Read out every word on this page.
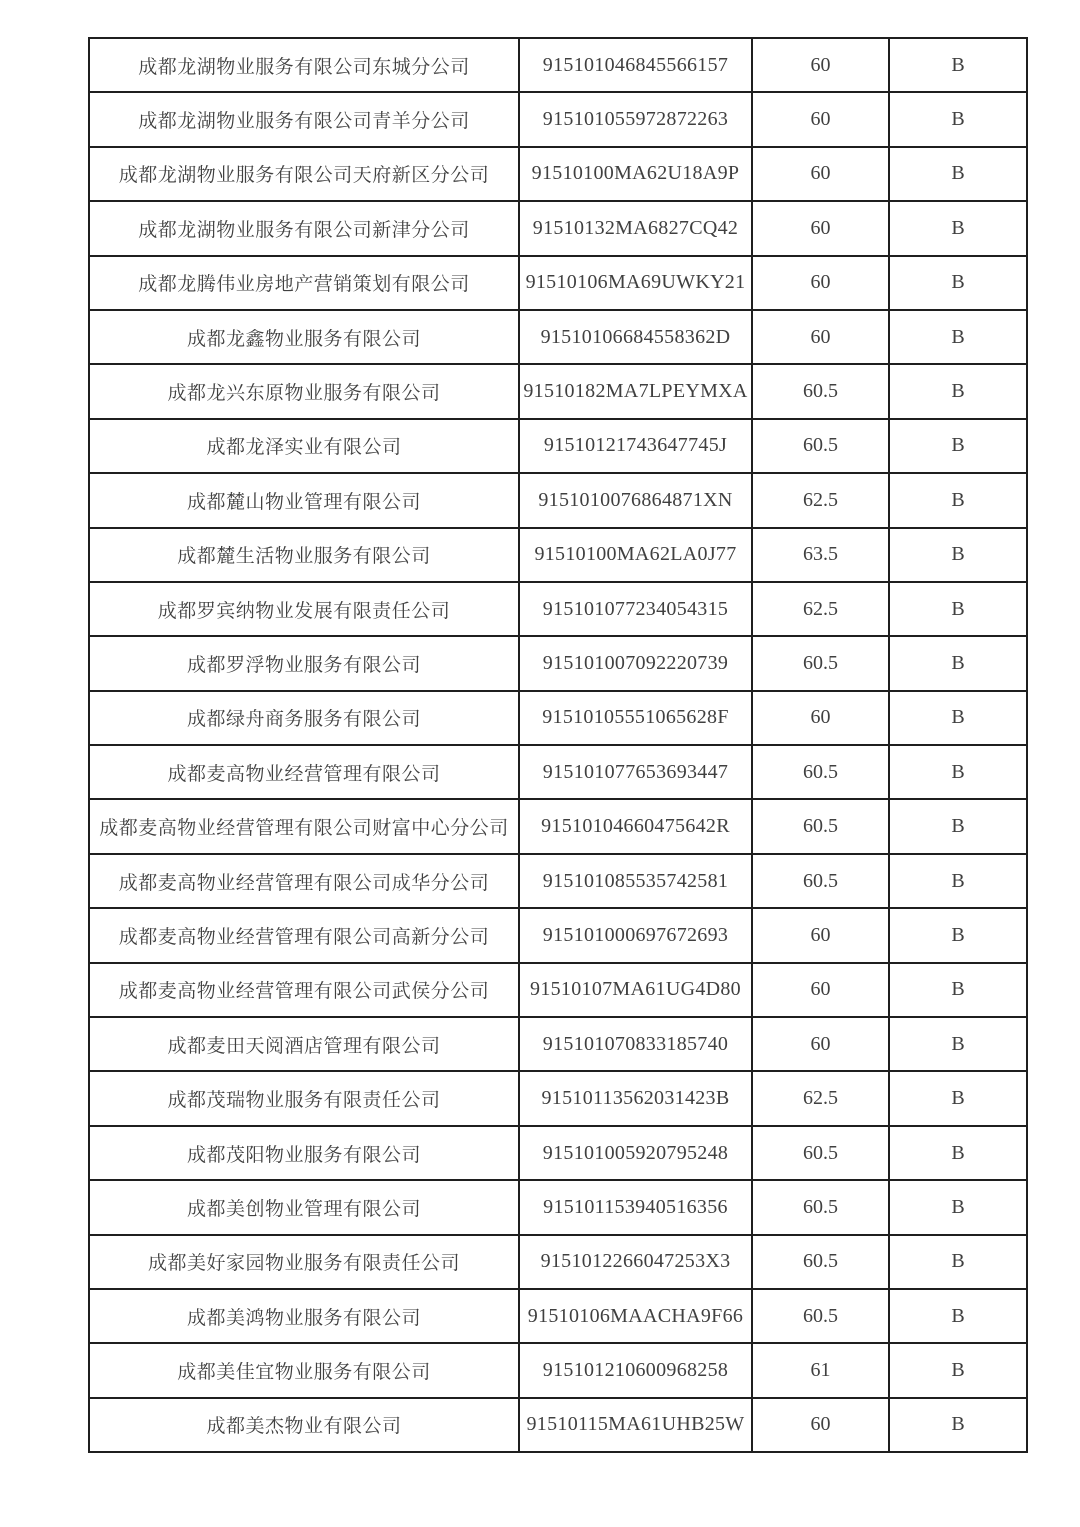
成都龙湖物业服务有限公司东城分公司	915101046845566157	60	B
成都龙湖物业服务有限公司青羊分公司	915101055972872263	60	B
成都龙湖物业服务有限公司天府新区分公司	91510100MA62U18A9P	60	B
成都龙湖物业服务有限公司新津分公司	91510132MA6827CQ42	60	B
成都龙腾伟业房地产营销策划有限公司	91510106MA69UWKY21	60	B
成都龙鑫物业服务有限公司	91510106684558362D	60	B
成都龙兴东原物业服务有限公司	91510182MA7LPEYMXA	60.5	B
成都龙泽实业有限公司	91510121743647745J	60.5	B
成都麓山物业管理有限公司	9151010076864871XN	62.5	B
成都麓生活物业服务有限公司	91510100MA62LA0J77	63.5	B
成都罗宾纳物业发展有限责任公司	915101077234054315	62.5	B
成都罗浮物业服务有限公司	915101007092220739	60.5	B
成都绿舟商务服务有限公司	91510105551065628F	60	B
成都麦高物业经营管理有限公司	915101077653693447	60.5	B
成都麦高物业经营管理有限公司财富中心分公司	91510104660475642R	60.5	B
成都麦高物业经营管理有限公司成华分公司	915101085535742581	60.5	B
成都麦高物业经营管理有限公司高新分公司	915101000697672693	60	B
成都麦高物业经营管理有限公司武侯分公司	91510107MA61UG4D80	60	B
成都麦田天阅酒店管理有限公司	915101070833185740	60	B
成都茂瑞物业服务有限责任公司	91510113562031423B	62.5	B
成都茂阳物业服务有限公司	915101005920795248	60.5	B
成都美创物业管理有限公司	915101153940516356	60.5	B
成都美好家园物业服务有限责任公司	9151012266047253X3	60.5	B
成都美鸿物业服务有限公司	91510106MAACHA9F66	60.5	B
成都美佳宜物业服务有限公司	915101210600968258	61	B
成都美杰物业有限公司	91510115MA61UHB25W	60	B
